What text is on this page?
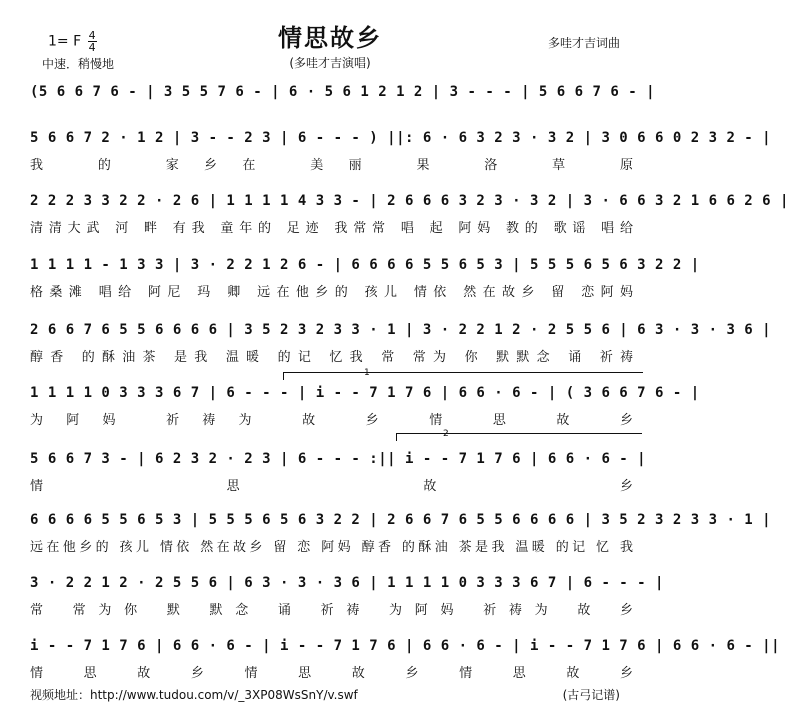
1= F $\frac{4}{4}$
中速．稍慢地
情思故乡
(多哇才吉演唱)
多哇才吉词曲
(5 6 6 7 6 - | 3 5 5 7 6 - | 6 · 5 6 1 2 1 2 | 3 - - - | 5 6 6 7 6 - |
5 6 6 7 2 · 1 2 | 3 - - 2 3 | 6 - - - ) ||: 6 · 6 3 2 3 · 3 2 | 3 0 6 6 0 2 3 2 - |
我 的 家乡在 美丽 果 洛 草 原
2 2 2 3 3 2 2 · 2 6 | 1 1 1 1 4 3 3 - | 2 6 6 6 3 2 3 · 3 2 | 3 · 6 6 3 2 1 6 6 2 6 |
清清大武 河 畔 有我 童年的 足迹 我常常 唱 起 阿妈 教的 歌谣 唱给
1 1 1 1 - 1 3 3 | 3 · 2 2 1 2 6 - | 6 6 6 6 5 5 6 5 3 | 5 5 5 6 5 6 3 2 2 |
格桑滩 唱给 阿尼 玛 卿 远在他乡的 孩儿 情依 然在故乡 留 恋阿妈
2 6 6 7 6 5 5 6 6 6 6 | 3 5 2 3 2 3 3 · 1 | 3 · 2 2 1 2 · 2 5 5 6 | 6 3 · 3 · 3 6 |
醇香 的酥油茶 是我 温暖 的记 忆我 常 常为 你 默默念 诵 祈祷
1 1 1 1 0 3 3 3 6 7 | 6 - - - | i - - 7 1 7 6 | 6 6 · 6 - | ( 3 6 6 7 6 - |
为阿妈 祈祷为 故 乡 情 思 故 乡
5 6 6 7 3 - | 6 2 3 2 · 2 3 | 6 - - - :|| i - - 7 1 7 6 | 6 6 · 6 - |
情 思 故 乡
6 6 6 6 5 5 6 5 3 | 5 5 5 6 5 6 3 2 2 | 2 6 6 7 6 5 5 6 6 6 6 | 3 5 2 3 2 3 3 · 1 |
远在他乡的 孩儿 情依 然在故乡 留 恋 阿妈 醇香 的酥油 茶是我 温暖 的记 忆 我
3 · 2 2 1 2 · 2 5 5 6 | 6 3 · 3 · 3 6 | 1 1 1 1 0 3 3 3 6 7 | 6 - - - |
常 常为你 默 默念 诵 祈祷 为阿妈 祈祷为 故 乡
i - - 7 1 7 6 | 6 6 · 6 - | i - - 7 1 7 6 | 6 6 · 6 - | i - - 7 1 7 6 | 6 6 · 6 - ||
情 思 故 乡 情 思 故 乡 情 思 故 乡
1
2
视频地址：http://www.tudou.com/v/_3XP08WsSnY/v.swf	(古弓记谱)
